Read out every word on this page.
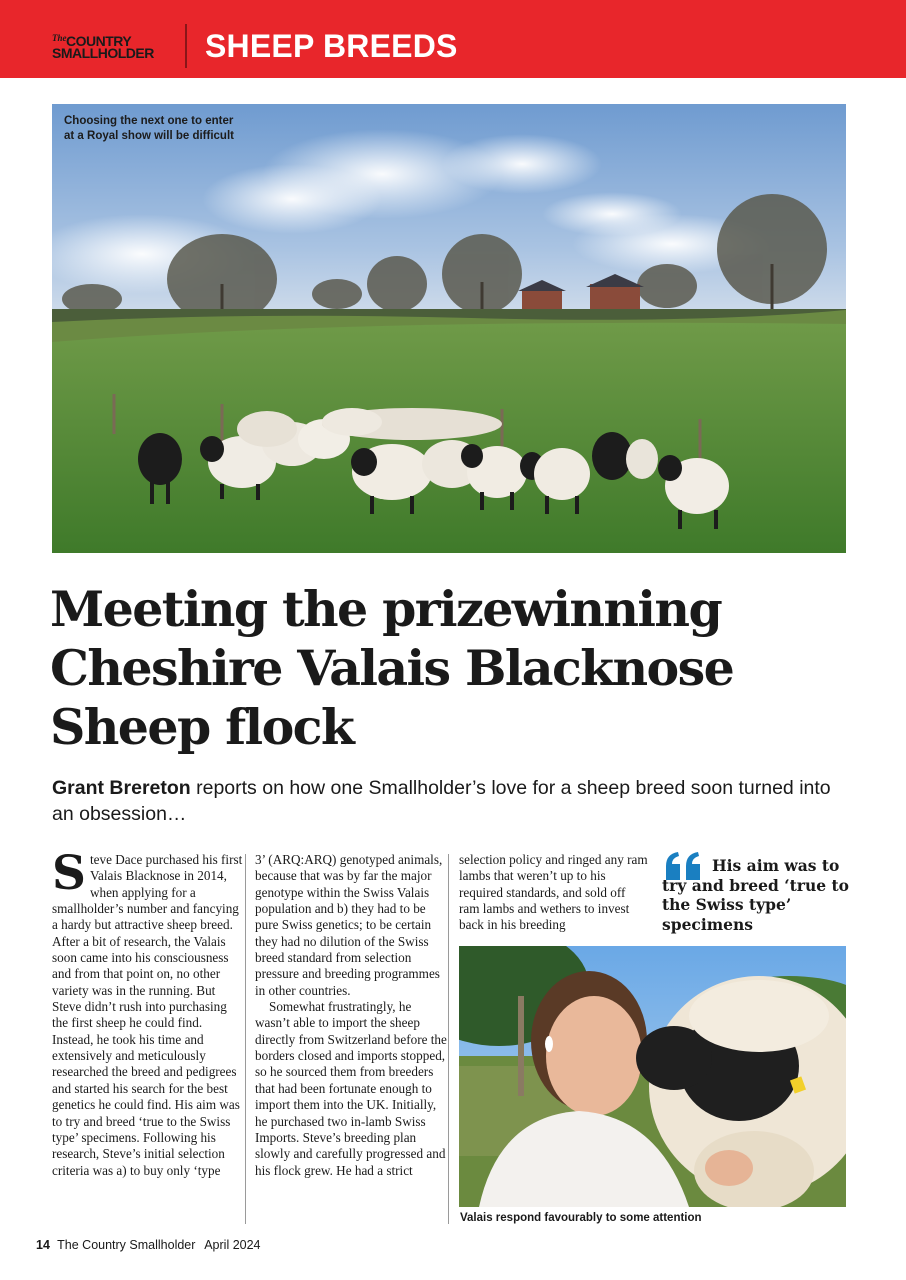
The COUNTRY
SMALLHOLDER SHEEP BREEDS
Choosing the next one to enter at a Royal show will be difficult
Meeting the prizewinning Cheshire Valais Blacknose Sheep flock

Grant Brereton reports on how one Smallholder’s love for a sheep breed soon turned into an obsession…

Steve Dace purchased his first Valais Blacknose in 2014, when applying for a smallholder’s number and fancying a hardy but attractive sheep breed. After a bit of research, the Valais soon came into his consciousness and from that point on, no other variety was in the running. But Steve didn’t rush into purchasing the first sheep he could find. Instead, he took his time and extensively and meticulously researched the breed and pedigrees and started his search for the best genetics he could find. His aim was to try and breed ‘true to the Swiss type’ specimens. Following his research, Steve’s initial selection criteria was a) to buy only ‘type

3’ (ARQ:ARQ) genotyped animals, because that was by far the major genotype within the Swiss Valais population and b) they had to be pure Swiss genetics; to be certain they had no dilution of the Swiss breed standard from selection pressure and breeding programmes in other countries.

Somewhat frustratingly, he wasn’t able to import the sheep directly from Switzerland before the borders closed and imports stopped, so he sourced them from breeders that had been fortunate enough to import them into the UK. Initially, he purchased two in-lamb Swiss Imports. Steve’s breeding plan slowly and carefully progressed and his flock grew. He had a strict

selection policy and ringed any ram lambs that weren’t up to his required standards, and sold off ram lambs and wethers to invest back in his breeding

His aim was to try and breed ‘true to the Swiss type’ specimens

Valais respond favourably to some attention
14 The Country Smallholder April 2024
